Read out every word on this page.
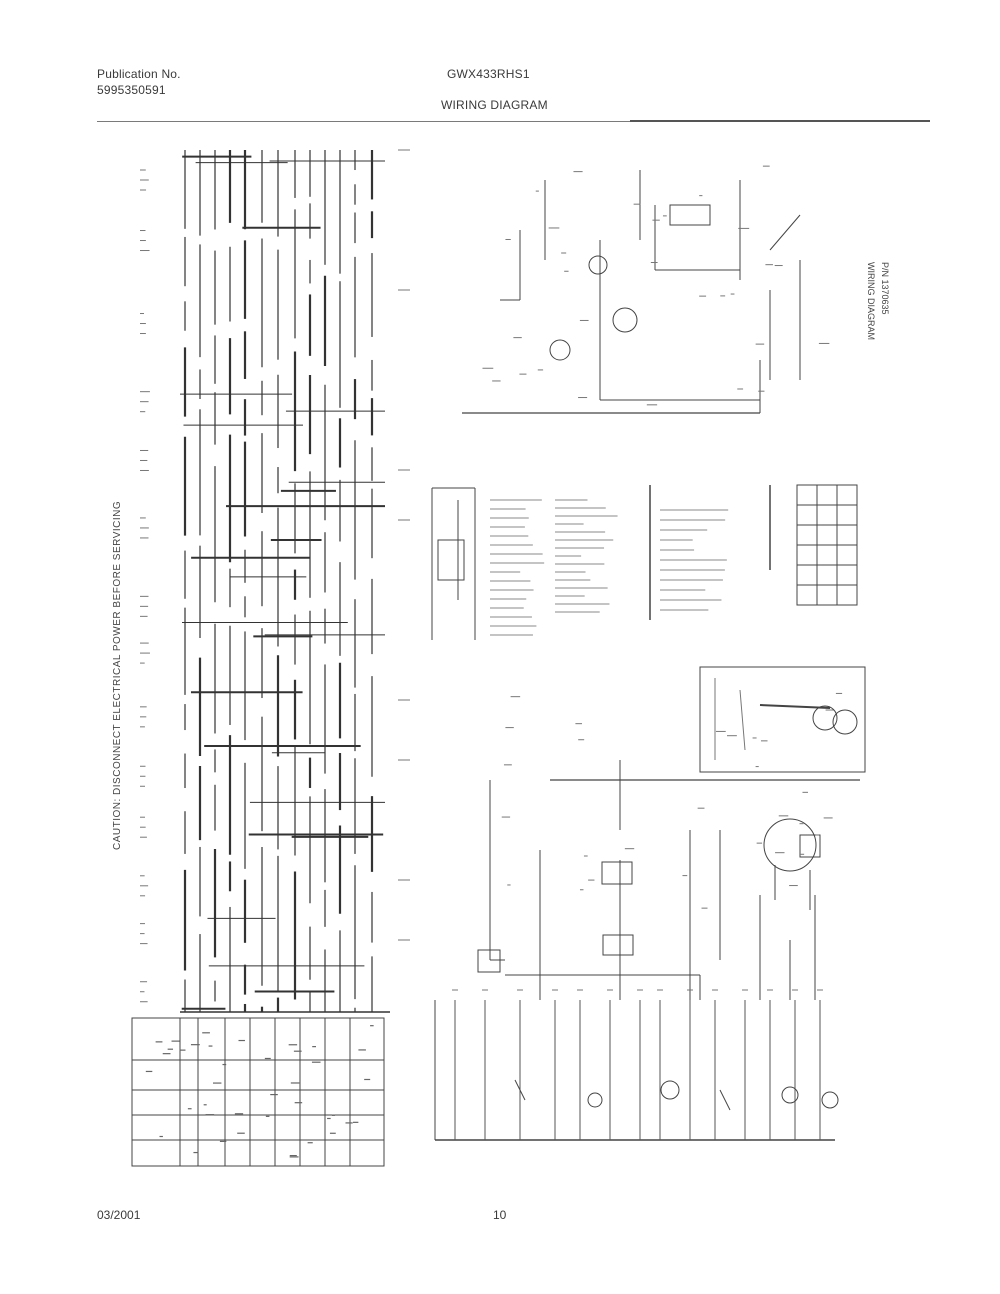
Publication No.
5995350591
GWX433RHS1
WIRING DIAGRAM
CAUTION: DISCONNECT ELECTRICAL POWER BEFORE SERVICING
WIRING DIAGRAM P/N 1370635
03/2001	10
